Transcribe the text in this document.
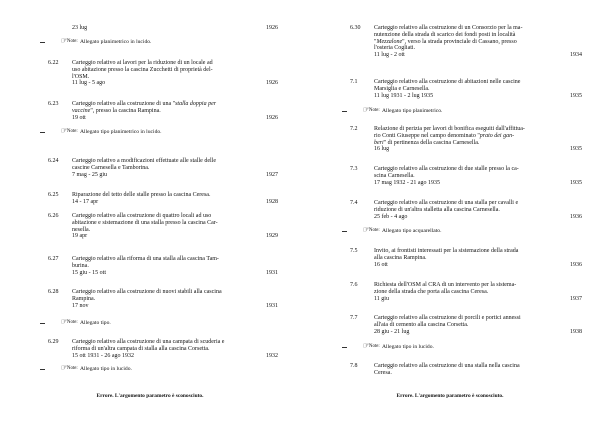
23 lug	1926
☞ Note: Allegato planimetrico in lucido.
6.22	Carteggio relativo ai lavori per la riduzione di un locale ad
uso abitazione presso la cascina Zucchetti di proprietà del-
l'OSM.
11 lug - 5 ago	1926
6.23	Carteggio relativo alla costruzione di una "stalla doppia per
vaccine", presso la cascina Rampina.
19 ott	1926
☞ Note: Allegato tipo planimetrico in lucido.
6.24	Carteggio relativo a modificazioni effettuate alle stalle delle
cascine Carnesella e Tamborina.
7 mag - 25 giu	1927
6.25	Riparazione del tetto delle stalle presso la cascina Ceresa.
14 - 17 apr	1928
6.26	Carteggio relativo alla costruzione di quattro locali ad uso
abitazione e sistemazione di una stalla presso la cascina Car-
nesella.
19 apr	1929
6.27	Carteggio relativo alla riforma di una stalla alla cascina Tam-
burina.
15 giu - 15 ott	1931
6.28	Carteggio relativo alla costruzione di nuovi stabili alla cascina
Rampina.
17 nov	1931
☞ Note: Allegato tipo.
6.29	Carteggio relativo alla costruzione di una campata di scuderia e
riforma di un'altra campata di stalla alla cascina Corsetta.
15 ott 1931 - 26 ago 1932	1932
☞ Note: Allegato tipo in lucido.
Errore. L'argomento parametro è sconosciuto.
6.30	Carteggio relativo alla costruzione di un Consorzio per la ma-
nutenzione della strada di scarico dei fondi posti in località
"Mezzalone", verso la strada provinciale di Cassano, presso
l'osteria Cogliati.
11 lug - 2 ott	1934
7.1	Carteggio relativo alla costruzione di abitazioni nelle cascine
Marsiglia e Carnesella.
11 lug 1931 - 2 lug 1935	1935
☞ Note: Allegato tipo planimetrico.
7.2	Relazione di perizia per lavori di bonifica eseguiti dall'affittua-
rio Conti Giuseppe nel campo denominato "prato dei gan-
beri" di pertinenza della cascina Carnesella.
16 lug	1935
7.3	Carteggio relativo alla costruzione di due stalle presso la ca-
scina Carnesella.
17 mag 1932 - 21 ago 1935	1935
7.4	Carteggio relativo alla costruzione di una stalla per cavalli e
riduzione di un'altra stalletta alla cascina Carnesella.
25 feb - 4 ago	1936
☞ Note: Allegato tipo acquarellato.
7.5	Invito, ai frontisti interessati per la sistemazione della strada
alla cascina Rampina.
16 ott	1936
7.6	Richiesta dell'OSM al CRA di un intervento per la sistema-
zione della strada che porta alla cascina Ceresa.
11 giu	1937
7.7	Carteggio relativo alla costruzione di porcili e portici annessi
all'aia di cemento alla cascina Corsetta.
28 giu - 21 lug	1938
☞ Note: Allegato tipo in lucido.
7.8	Carteggio relativo alla costruzione di una stalla nella cascina
Ceresa.
Errore. L'argomento parametro è sconosciuto.
